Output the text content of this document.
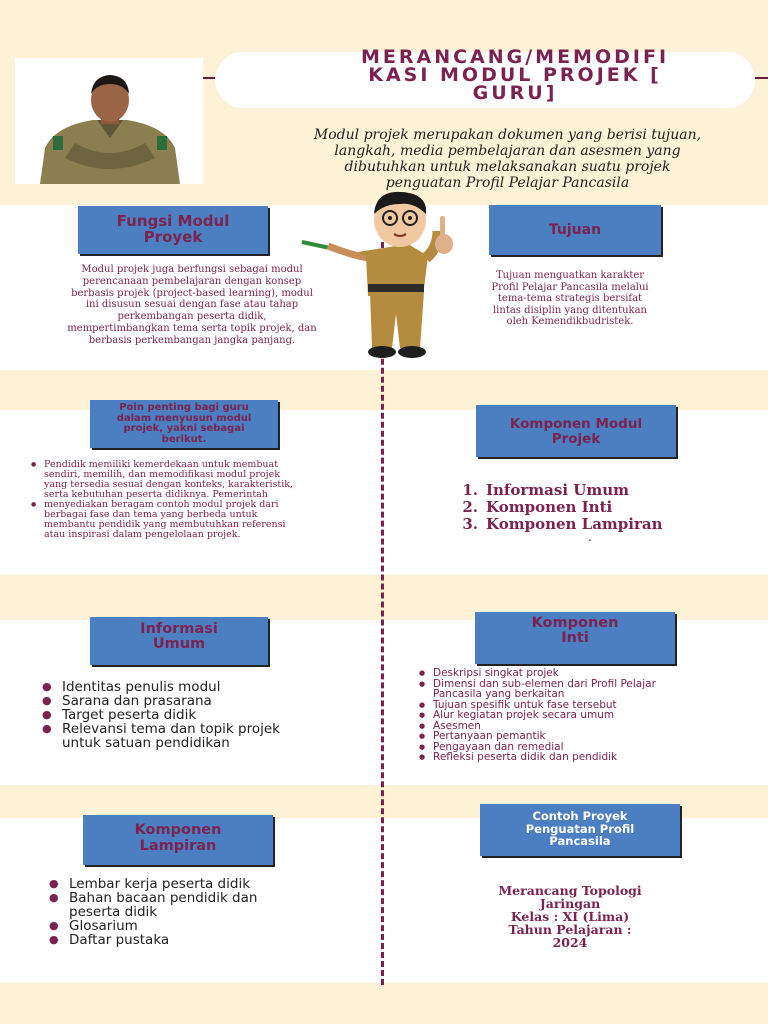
MERANCANG/MEMODIFI
KASI MODUL PROJEK [
GURU]
Modul projek merupakan dokumen yang berisi tujuan,
langkah, media pembelajaran dan asesmen yang
dibutuhkan untuk melaksanakan suatu projek
penguatan Profil Pelajar Pancasila
Fungsi Modul
Proyek
Modul projek juga berfungsi sebagai modul
perencanaan pembelajaran dengan konsep
berbasis projek (project-based learning), modul
ini disusun sesuai dengan fase atau tahap
perkembangan peserta didik,
mempertimbangkan tema serta topik projek, dan
berbasis perkembangan jangka panjang.
Tujuan
Tujuan menguatkan karakter
Profil Pelajar Pancasila melalui
tema-tema strategis bersifat
lintas disiplin yang ditentukan
oleh Kemendikbudristek.
Poin penting bagi guru
dalam menyusun modul
projek, yakni sebagai
berikut.
● Pendidik memiliki kemerdekaan untuk membuat
sendiri, memilih, dan memodifikasi modul projek
yang tersedia sesuai dengan konteks, karakteristik,
serta kebutuhan peserta didiknya. Pemerintah
● menyediakan beragam contoh modul projek dari
berbagai fase dan tema yang berbeda untuk
membantu pendidik yang membutuhkan referensi
atau inspirasi dalam pengelolaan projek.
Komponen Modul
Projek
1. Informasi Umum
2. Komponen Inti
3. Komponen Lampiran
.
Informasi
Umum
● Identitas penulis modul
● Sarana dan prasarana
● Target peserta didik
● Relevansi tema dan topik projek
untuk satuan pendidikan
Komponen
Inti
● Deskripsi singkat projek
● Dimensi dan sub-elemen dari Profil Pelajar
Pancasila yang berkaitan
● Tujuan spesifik untuk fase tersebut
● Alur kegiatan projek secara umum
● Asesmen
● Pertanyaan pemantik
● Pengayaan dan remedial
● Refleksi peserta didik dan pendidik
Komponen
Lampiran
● Lembar kerja peserta didik
● Bahan bacaan pendidik dan
peserta didik
● Glosarium
● Daftar pustaka
Contoh Proyek
Penguatan Profil
Pancasila
Merancang Topologi
Jaringan
Kelas : XI (Lima)
Tahun Pelajaran :
2024
